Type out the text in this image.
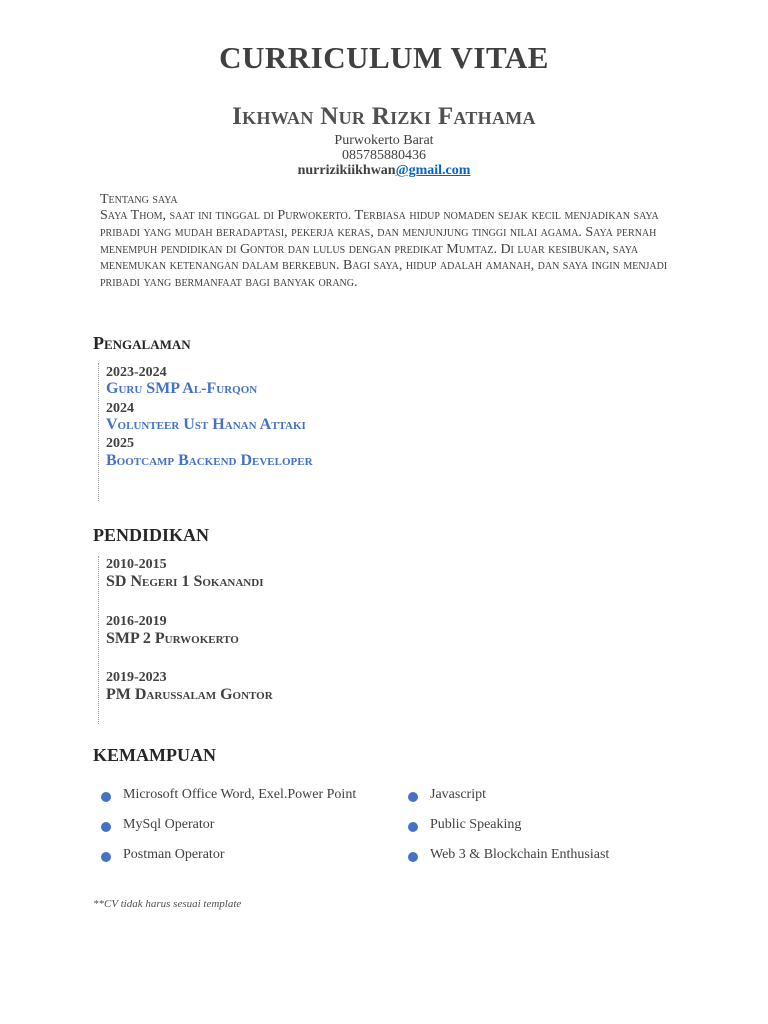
CURRICULUM VITAE
Ikhwan Nur Rizki Fathama
Purwokerto Barat
085785880436
nurrizikiikhwan@gmail.com
Tentang saya
Saya Thom, saat ini tinggal di Purwokerto. Terbiasa hidup nomaden sejak kecil menjadikan saya pribadi yang mudah beradaptasi, pekerja keras, dan menjunjung tinggi nilai agama. Saya pernah menempuh pendidikan di Gontor dan lulus dengan predikat Mumtaz. Di luar kesibukan, saya menemukan ketenangan dalam berkebun. Bagi saya, hidup adalah amanah, dan saya ingin menjadi pribadi yang bermanfaat bagi banyak orang.
Pengalaman
2023-2024
Guru SMP Al-Furqon
2024
Volunteer Ust Hanan Attaki
2025
Bootcamp Backend Developer
PENDIDIKAN
2010-2015
SD Negeri 1 Sokanandi
2016-2019
SMP 2 Purwokerto
2019-2023
PM Darussalam Gontor
KEMAMPUAN
Microsoft Office Word, Exel.Power Point
MySql Operator
Postman Operator
Javascript
Public Speaking
Web 3 & Blockchain Enthusiast
**CV tidak harus sesuai template
